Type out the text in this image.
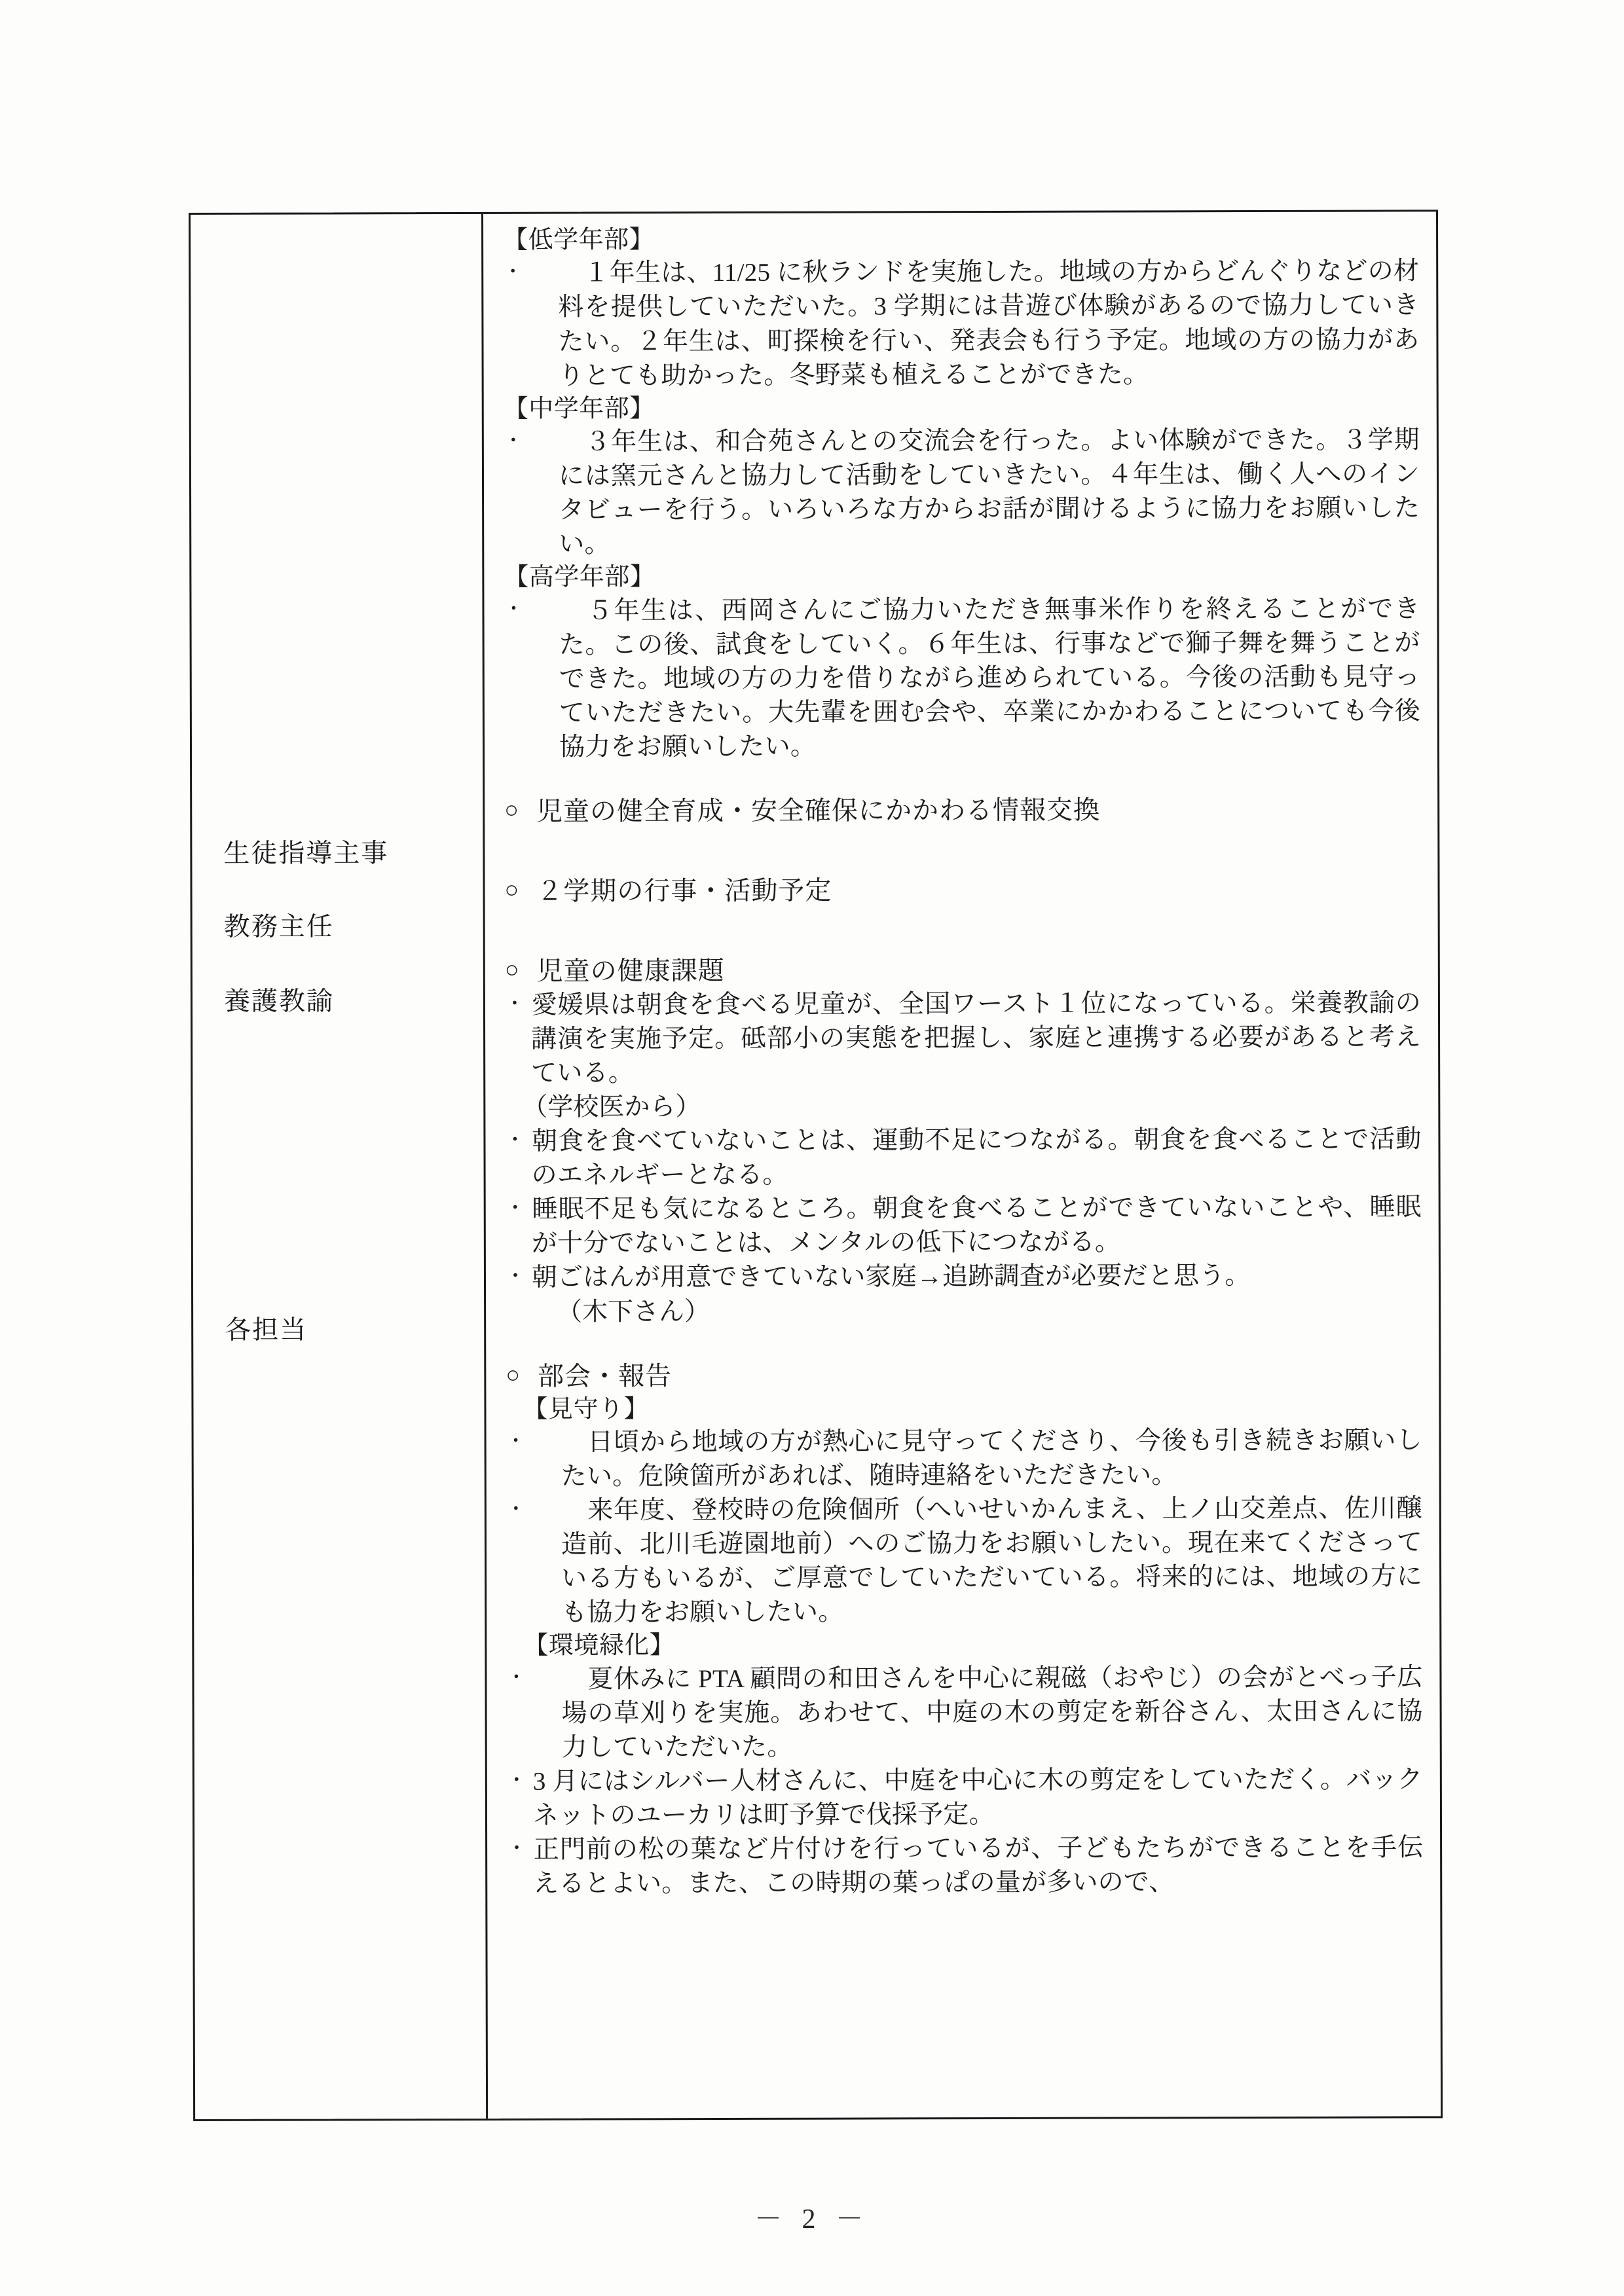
生徒指導主事
教務主任
養護教諭
各担当

【低学年部】

・　１年生は、11/25 に秋ランドを実施した。地域の方からどんぐりなどの材料を提供していただいた。3 学期には昔遊び体験があるので協力していきたい。２年生は、町探検を行い、発表会も行う予定。地域の方の協力がありとても助かった。冬野菜も植えることができた。

【中学年部】

・　３年生は、和合苑さんとの交流会を行った。よい体験ができた。３学期には窯元さんと協力して活動をしていきたい。４年生は、働く人へのインタビューを行う。いろいろな方からお話が聞けるように協力をお願いしたい。

【高学年部】

・　５年生は、西岡さんにご協力いただき無事米作りを終えることができた。この後、試食をしていく。６年生は、行事などで獅子舞を舞うことができた。地域の方の力を借りながら進められている。今後の活動も見守っていただきたい。大先輩を囲む会や、卒業にかかわることについても今後協力をお願いしたい。

○ 児童の健全育成・安全確保にかかわる情報交換
○ ２学期の行事・活動予定
○ 児童の健康課題

・ 愛媛県は朝食を食べる児童が、全国ワースト１位になっている。栄養教諭の講演を実施予定。砥部小の実態を把握し、家庭と連携する必要があると考えている。

（学校医から）

・ 朝食を食べていないことは、運動不足につながる。朝食を食べることで活動のエネルギーとなる。

・ 睡眠不足も気になるところ。朝食を食べることができていないことや、睡眠が十分でないことは、メンタルの低下につながる。

・ 朝ごはんが用意できていない家庭→追跡調査が必要だと思う。

（木下さん）

○ 部会・報告

【見守り】

・　日頃から地域の方が熱心に見守ってくださり、今後も引き続きお願いしたい。危険箇所があれば、随時連絡をいただきたい。

・　来年度、登校時の危険個所（へいせいかんまえ、上ノ山交差点、佐川醸造前、北川毛遊園地前）へのご協力をお願いしたい。現在来てくださっている方もいるが、ご厚意でしていただいている。将来的には、地域の方にも協力をお願いしたい。

【環境緑化】

・　夏休みに PTA 顧問の和田さんを中心に親磁（おやじ）の会がとべっ子広場の草刈りを実施。あわせて、中庭の木の剪定を新谷さん、太田さんに協力していただいた。

・ 3 月にはシルバー人材さんに、中庭を中心に木の剪定をしていただく。バックネットのユーカリは町予算で伐採予定。

・ 正門前の松の葉など片付けを行っているが、子どもたちができることを手伝えるとよい。また、この時期の葉っぱの量が多いので、

－ 2 －
